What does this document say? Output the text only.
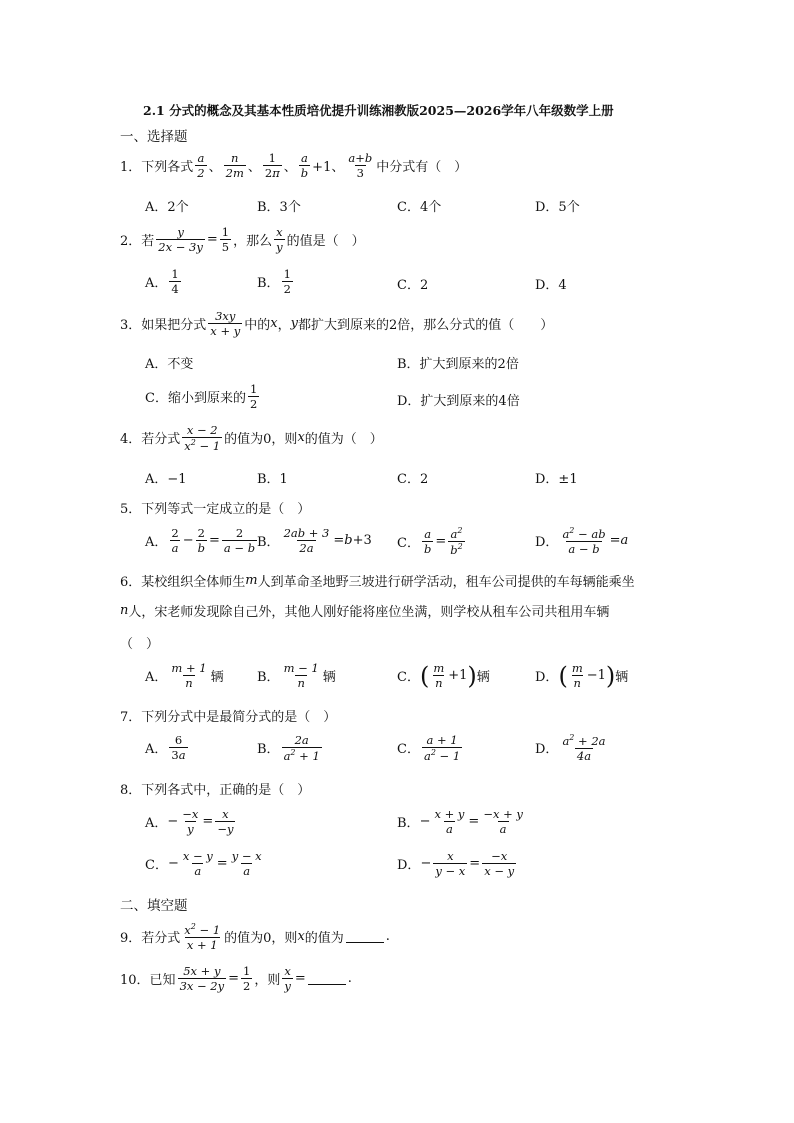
2.1 分式的概念及其基本性质培优提升训练湘教版2025—2026学年八年级数学上册
一、选择题
1． 下列各式 $\frac{a}{2}$ 、 $\frac{n}{2m}$ 、 $\frac{1}{2\pi}$ 、 $\frac{a}{b} +1$、 $\frac{a+b}{3}$ 中分式有（　）
A．2个	B．3个	C．4个	D．5个
2． 若 $\frac{y}{2x - 3y} = \frac{1}{5}$ ，那么 $\frac{x}{y}$ 的值是（　）
A． $\frac{1}{4}$	B． $\frac{1}{2}$	C．2	D．4
3． 如果把分式 $\frac{3xy}{x + y}$ 中的 x ， y 都扩大到原来的2倍，那么分式的值（　　）
A．不变	B．扩大到原来的2倍
C．缩小到原来的 $\frac{1}{2}$	D．扩大到原来的4倍
4． 若分式 $\frac{x - 2}{x^2 - 1}$ 的值为0，则 x 的值为（　）
A．−1	B．1	C．2	D．±1
5． 下列等式一定成立的是（　）
A． $\frac{2}{a} - \frac{2}{b} = \frac{2}{a - b}$ B． $\frac{2ab + 3}{2a} = b +3$ C． $\frac{a}{b} = \frac{a^2}{b^2}$	D． $\frac{a^2 - ab}{a - b} = a$
6． 某校组织全体师生 m 人到革命圣地野三坡进行研学活动，租车公司提供的车每辆能乘坐
n 人，宋老师发现除自己外，其他人刚好能将座位坐满，则学校从租车公司共租用车辆
（　）
A． $\frac{m + 1}{n}$ 辆	B． $\frac{m - 1}{n}$ 辆	C． ( $\frac{m}{n} +1$ ) 辆	D． ( $\frac{m}{n} -1$ ) 辆
7． 下列分式中是最简分式的是（　）
A． $\frac{6}{3a}$	B． $\frac{2a}{a^2 + 1}$	C． $\frac{a + 1}{a^2 - 1}$	D． $\frac{a^2 + 2a}{4a}$
8． 下列各式中，正确的是（　）
A． − $\frac{-x}{y} = \frac{x}{-y}$	B． − $\frac{x + y}{a} = \frac{-x + y}{a}$
C． − $\frac{x - y}{a} = \frac{y - x}{a}$	D． − $\frac{x}{y - x} = \frac{-x}{x - y}$
二、填空题
9． 若分式 $\frac{x^2 - 1}{x + 1}$ 的值为0，则 x 的值为	.
10． 已知 $\frac{5x + y}{3x - 2y} = \frac{1}{2}$ ，则 $\frac{x}{y}$ =	.
